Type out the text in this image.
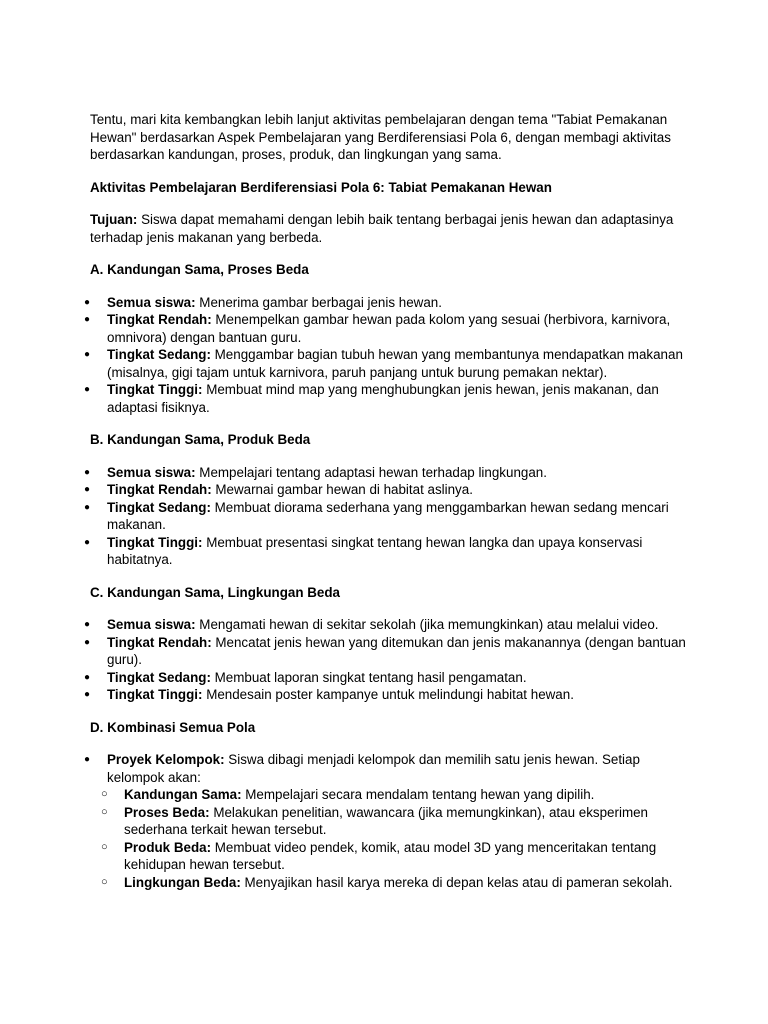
Tentu, mari kita kembangkan lebih lanjut aktivitas pembelajaran dengan tema "Tabiat Pemakanan Hewan" berdasarkan Aspek Pembelajaran yang Berdiferensiasi Pola 6, dengan membagi aktivitas berdasarkan kandungan, proses, produk, dan lingkungan yang sama.

Aktivitas Pembelajaran Berdiferensiasi Pola 6: Tabiat Pemakanan Hewan

Tujuan: Siswa dapat memahami dengan lebih baik tentang berbagai jenis hewan dan adaptasinya terhadap jenis makanan yang berbeda.

A. Kandungan Sama, Proses Beda

● Semua siswa: Menerima gambar berbagai jenis hewan.
● Tingkat Rendah: Menempelkan gambar hewan pada kolom yang sesuai (herbivora, karnivora, omnivora) dengan bantuan guru.
● Tingkat Sedang: Menggambar bagian tubuh hewan yang membantunya mendapatkan makanan (misalnya, gigi tajam untuk karnivora, paruh panjang untuk burung pemakan nektar).
● Tingkat Tinggi: Membuat mind map yang menghubungkan jenis hewan, jenis makanan, dan adaptasi fisiknya.

B. Kandungan Sama, Produk Beda

● Semua siswa: Mempelajari tentang adaptasi hewan terhadap lingkungan.
● Tingkat Rendah: Mewarnai gambar hewan di habitat aslinya.
● Tingkat Sedang: Membuat diorama sederhana yang menggambarkan hewan sedang mencari makanan.
● Tingkat Tinggi: Membuat presentasi singkat tentang hewan langka dan upaya konservasi habitatnya.

C. Kandungan Sama, Lingkungan Beda

● Semua siswa: Mengamati hewan di sekitar sekolah (jika memungkinkan) atau melalui video.
● Tingkat Rendah: Mencatat jenis hewan yang ditemukan dan jenis makanannya (dengan bantuan guru).
● Tingkat Sedang: Membuat laporan singkat tentang hasil pengamatan.
● Tingkat Tinggi: Mendesain poster kampanye untuk melindungi habitat hewan.

D. Kombinasi Semua Pola

● Proyek Kelompok: Siswa dibagi menjadi kelompok dan memilih satu jenis hewan. Setiap kelompok akan:
○ Kandungan Sama: Mempelajari secara mendalam tentang hewan yang dipilih.
○ Proses Beda: Melakukan penelitian, wawancara (jika memungkinkan), atau eksperimen sederhana terkait hewan tersebut.
○ Produk Beda: Membuat video pendek, komik, atau model 3D yang menceritakan tentang kehidupan hewan tersebut.
○ Lingkungan Beda: Menyajikan hasil karya mereka di depan kelas atau di pameran sekolah.
